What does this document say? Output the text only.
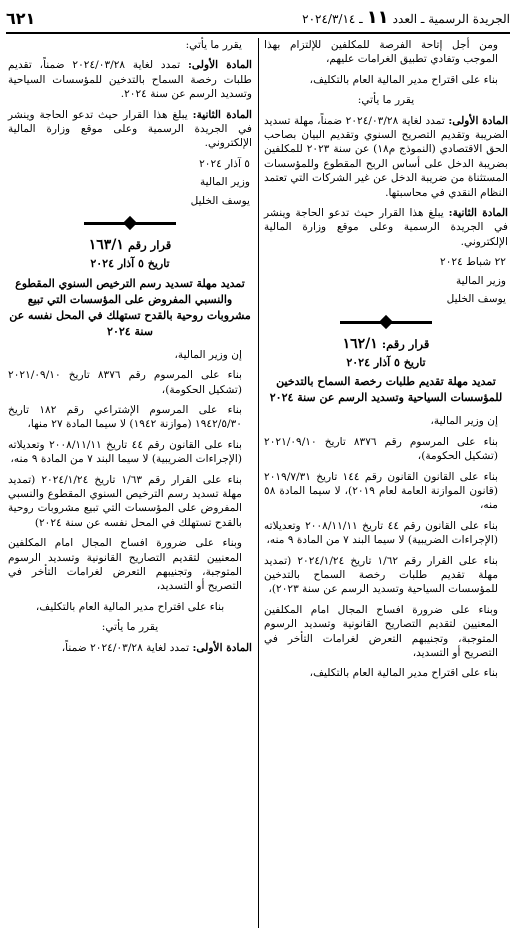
الجريدة الرسمية ـ العدد
١١
ـ ٢٠٢٤/٣/١٤
٦٢١

ومن أجل إتاحة الفرصة للمكلفين للإلتزام بهذا الموجب وتفادي تطبيق الغرامات عليهم،

بناء على اقتراح مدير المالية العام بالتكليف،

يقرر ما يأتي:

المادة الأولى: تمدد لغاية ٢٠٢٤/٠٣/٢٨ ضمناً، مهلة تسديد الضريبة وتقديم التصريح السنوي وتقديم البيان بصاحب الحق الاقتصادي (النموذج م١٨) عن سنة ٢٠٢٣ للمكلفين بضريبة الدخل على أساس الربح المقطوع وللمؤسسات المستثناة من ضريبة الدخل عن غير الشركات التي تعتمد النظام النقدي في محاسبتها.

المادة الثانية: يبلغ هذا القرار حيث تدعو الحاجة وينشر في الجريدة الرسمية وعلى موقع وزارة المالية الإلكتروني.

٢٢ شباط ٢٠٢٤

وزير المالية

يوسف الخليل

قرار رقم: ١٦٢/١
تاريخ ٥ آذار ٢٠٢٤
تمديد مهلة تقديم طلبات رخصة السماح بالتدخين للمؤسسات السياحية وتسديد الرسم عن سنة ٢٠٢٤

إن وزير المالية،

بناء على المرسوم رقم ٨٣٧٦ تاريخ ٢٠٢١/٠٩/١٠ (تشكيل الحكومة)،

بناء على القانون القانون رقم ١٤٤ تاريخ ٢٠١٩/٧/٣١ (قانون الموازنة العامة لعام ٢٠١٩)، لا سيما المادة ٥٨ منه،

بناء على القانون رقم ٤٤ تاريخ ٢٠٠٨/١١/١١ وتعديلاته (الإجراءات الضريبية) لا سيما البند ٧ من المادة ٩ منه،

بناء على القرار رقم ١/٦٢ تاريخ ٢٠٢٤/١/٢٤ (تمديد مهلة تقديم طلبات رخصة السماح بالتدخين للمؤسسات السياحية وتسديد الرسم عن سنة ٢٠٢٣)،

وبناء على ضرورة افساح المجال امام المكلفين المعنيين لتقديم التصاريح القانونية وتسديد الرسوم المتوجبة، وتجنيبهم التعرض لغرامات التأخر في التصريح أو التسديد،

بناء على اقتراح مدير المالية العام بالتكليف،

يقرر ما يأتي:

المادة الأولى: تمدد لغاية ٢٠٢٤/٠٣/٢٨ ضمناً، تقديم طلبات رخصة السماح بالتدخين للمؤسسات السياحية وتسديد الرسم عن سنة ٢٠٢٤.

المادة الثانية: يبلغ هذا القرار حيث تدعو الحاجة وينشر في الجريدة الرسمية وعلى موقع وزارة المالية الإلكتروني.

٥ آذار ٢٠٢٤

وزير المالية

يوسف الخليل

قرار رقم ١٦٣/١
تاريخ ٥ آذار ٢٠٢٤
تمديد مهلة تسديد رسم الترخيص السنوي المقطوع والنسبي المفروض على المؤسسات التي تبيع مشروبات روحية بالقدح تستهلك في المحل نفسه عن سنة ٢٠٢٤

إن وزير المالية،

بناء على المرسوم رقم ٨٣٧٦ تاريخ ٢٠٢١/٠٩/١٠ (تشكيل الحكومة)،

بناء على المرسوم الإشتراعي رقم ١٨٢ تاريخ ١٩٤٢/٥/٣٠ (موازنة ١٩٤٢) لا سيما المادة ٢٧ منها،

بناء على القانون رقم ٤٤ تاريخ ٢٠٠٨/١١/١١ وتعديلاته (الإجراءات الضريبية) لا سيما البند ٧ من المادة ٩ منه،

بناء على القرار رقم ١/٦٣ تاريخ ٢٠٢٤/١/٢٤ (تمديد مهلة تسديد رسم الترخيص السنوي المقطوع والنسبي المفروض على المؤسسات التي تبيع مشروبات روحية بالقدح تستهلك في المحل نفسه عن سنة ٢٠٢٤)

وبناء على ضرورة افساح المجال امام المكلفين المعنيين لتقديم التصاريح القانونية وتسديد الرسوم المتوجبة، وتجنيبهم التعرض لغرامات التأخر في التصريح أو التسديد،

بناء على اقتراح مدير المالية العام بالتكليف،

يقرر ما يأتي:

المادة الأولى: تمدد لغاية ٢٠٢٤/٠٣/٢٨ ضمناً،
